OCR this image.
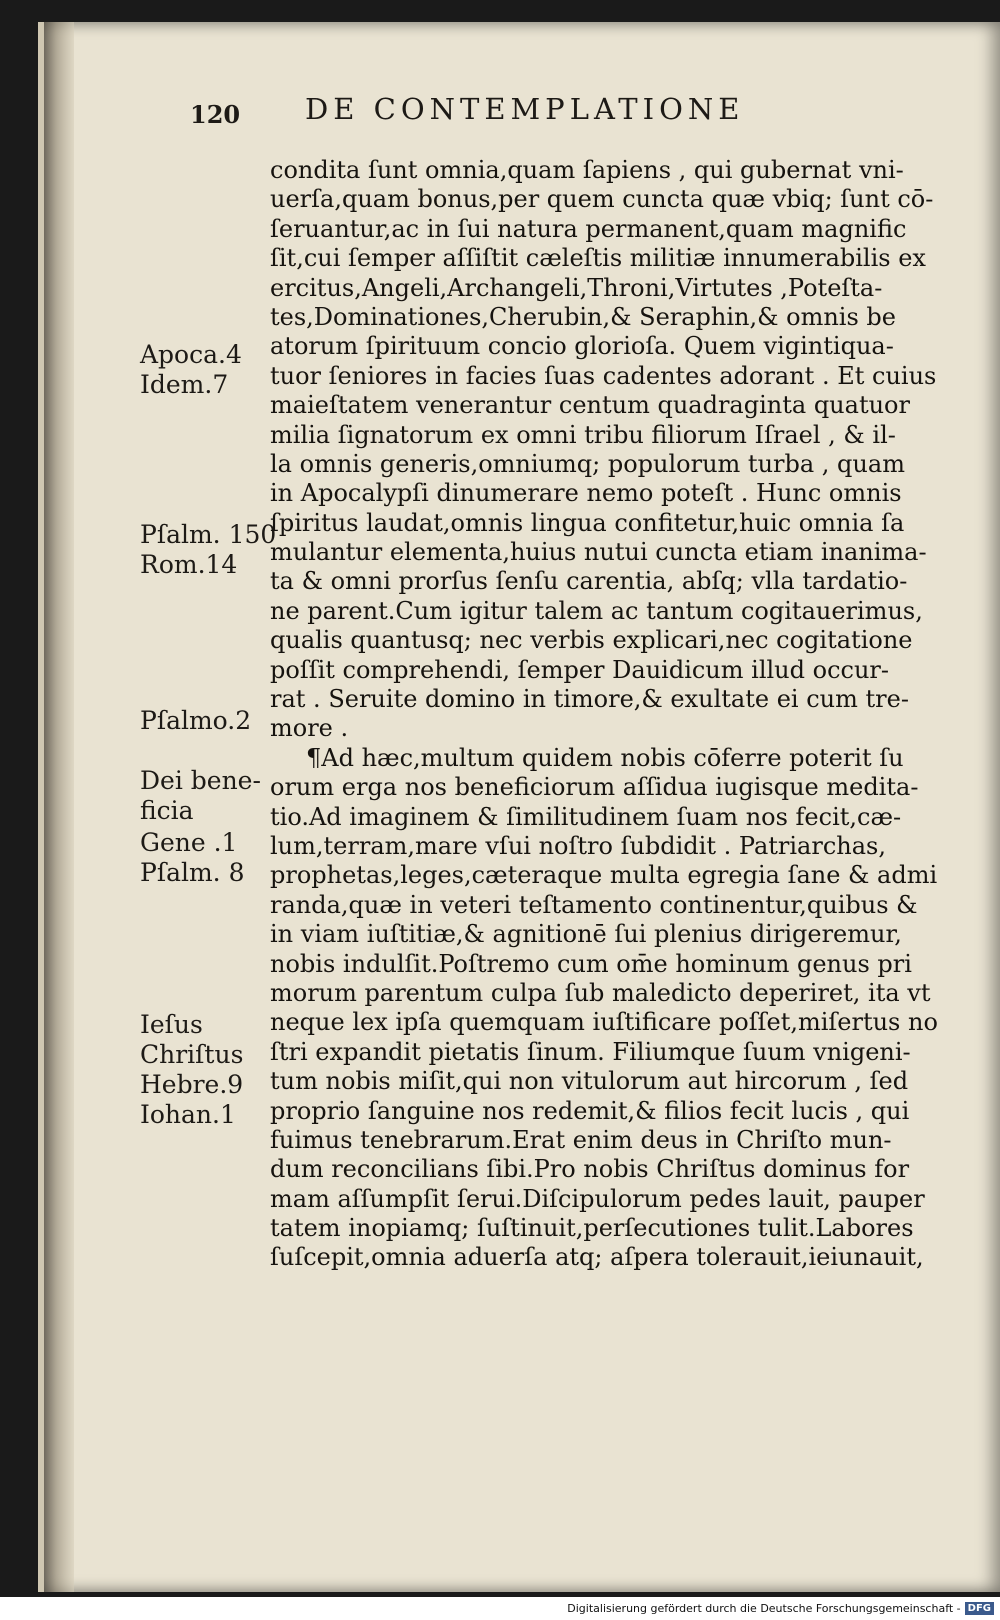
120 DE CONTEMPLATIONE
Apoca.4
Idem.7
Pſalm. 150
Rom.14
Pſalmo.2
Dei bene-
ficia
Gene .1
Pſalm. 8
Ieſus
Chriſtus
Hebre.9
Iohan.1
condita ſunt omnia,quam ſapiens , qui gubernat vni-
uerſa,quam bonus,per quem cuncta quæ vbiq; ſunt cō-
ſeruantur,ac in ſui natura permanent,quam magnific
ſit,cui ſemper aſſiſtit cæleſtis militiæ innumerabilis ex
ercitus,Angeli,Archangeli,Throni,Virtutes ,Poteſta-
tes,Dominationes,Cherubin,& Seraphin,& omnis be
atorum ſpirituum concio glorioſa. Quem vigintiqua-
tuor ſeniores in facies ſuas cadentes adorant . Et cuius
maieſtatem venerantur centum quadraginta quatuor
milia ſignatorum ex omni tribu filiorum Iſrael , & il-
la omnis generis,omniumq; populorum turba , quam
in Apocalypſi dinumerare nemo poteſt . Hunc omnis
ſpiritus laudat,omnis lingua confitetur,huic omnia ſa
mulantur elementa,huius nutui cuncta etiam inanima-
ta & omni prorſus ſenſu carentia, abſq; vlla tardatio-
ne parent.Cum igitur talem ac tantum cogitauerimus,
qualis quantusq; nec verbis explicari,nec cogitatione
poſſit comprehendi, ſemper Dauidicum illud occur-
rat . Seruite domino in timore,& exultate ei cum tre-
more .
¶Ad hæc,multum quidem nobis cōferre poterit ſu
orum erga nos beneficiorum aſſidua iugisque medita-
tio.Ad imaginem & ſimilitudinem ſuam nos fecit,cæ-
lum,terram,mare vſui noſtro ſubdidit . Patriarchas,
prophetas,leges,cæteraque multa egregia ſane & admi
randa,quæ in veteri teſtamento continentur,quibus &
in viam iuſtitiæ,& agnitionē ſui plenius dirigeremur,
nobis indulſit.Poſtremo cum om̄e hominum genus pri
morum parentum culpa ſub maledicto deperiret, ita vt
neque lex ipſa quemquam iuſtificare poſſet,miſertus no
ſtri expandit pietatis ſinum. Filiumque ſuum vnigeni-
tum nobis miſit,qui non vitulorum aut hircorum , ſed
proprio ſanguine nos redemit,& filios fecit lucis , qui
fuimus tenebrarum.Erat enim deus in Chriſto mun-
dum reconcilians ſibi.Pro nobis Chriſtus dominus for
mam aſſumpſit ſerui.Diſcipulorum pedes lauit, pauper
tatem inopiamq; ſuſtinuit,perſecutiones tulit.Labores
ſuſcepit,omnia aduerſa atq; aſpera tolerauit,ieiunauit,
Digitalisierung gefördert durch die Deutsche Forschungsgemeinschaft - DFG
